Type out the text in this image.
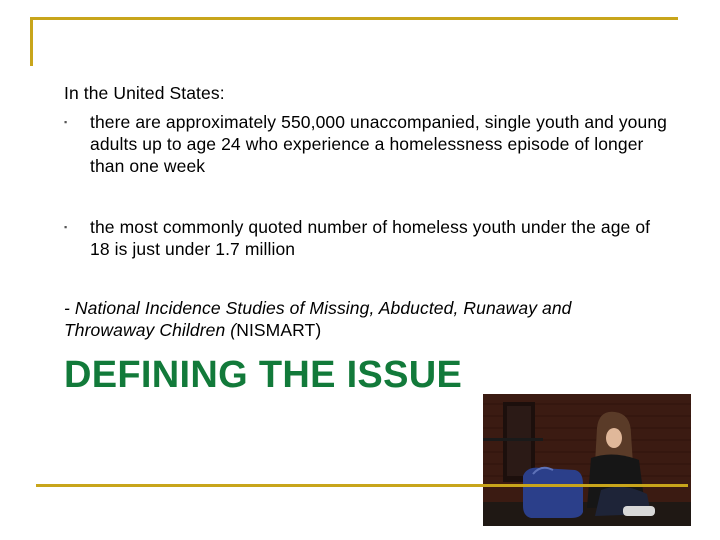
In the United States:
▪ there are approximately 550,000 unaccompanied, single youth and young adults up to age 24 who experience a homelessness episode of longer than one week
▪ the most commonly quoted number of homeless youth under the age of 18 is just under 1.7 million
- National Incidence Studies of Missing, Abducted, Runaway and Throwaway Children (NISMART)
DEFINING THE ISSUE
